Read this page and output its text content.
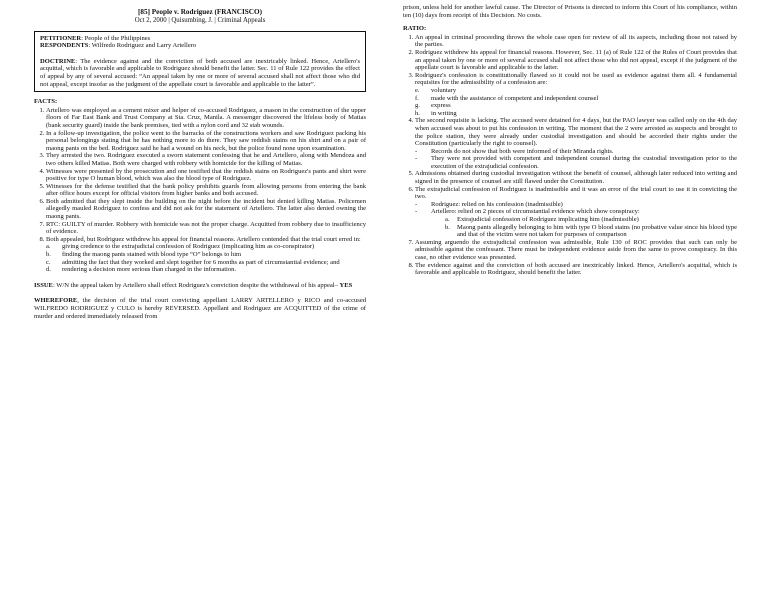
[85] People v. Rodriguez (FRANCISCO)
Oct 2, 2000 | Quisumbing, J. | Criminal Appeals

PETITIONER: People of the Philippines

RESPONDENTS: Wilfredo Rodriguez and Larry Artellero

DOCTRINE: The evidence against and the conviction of both accused are inextricably linked. Hence, Artellero's acquittal, which is favorable and applicable to Rodriguez should benefit the latter. Sec. 11 of Rule 122 provides the effect of appeal by any of several accused: “An appeal taken by one or more of several accused shall not affect those who did not appeal, except insofar as the judgment of the appellate court is favorable and applicable to the latter”.

FACTS:
1. Artellero was employed as a cement mixer and helper of co-accused Rodriguez, a mason in the construction of the upper floors of Far East Bank and Trust Company at Sta. Cruz, Manila. A messenger discovered the lifeless body of Matias (bank security guard) inside the bank premises, tied with a nylon cord and 32 stab wounds.
2. In a follow-up investigation, the police went to the barracks of the constructions workers and saw Rodriguez packing his personal belongings stating that he has nothing more to do there. They saw reddish stains on his shirt and on a pair of maong pants on the bed. Rodriguez said he had a wound on his neck, but the police found none upon examination.
3. They arrested the two. Rodriguez executed a sworn statement confessing that he and Artellero, along with Mendoza and two others killed Matias. Both were charged with robbery with homicide for the killing of Matias.
4. Witnesses were presented by the prosecution and one testified that the reddish stains on Rodriguez's pants and shirt were positive for type O human blood, which was also the blood type of Rodriguez.
5. Witnesses for the defense testified that the bank policy prohibits guards from allowing persons from entering the bank after office hours except for official visitors from higher banks and both accused.
6. Both admitted that they slept inside the building on the night before the incident but denied killing Matias. Policemen allegedly mauled Rodriguez to confess and did not ask for the statement of Artellero. The latter also denied owning the maong pants.
7. RTC: GUILTY of murder. Robbery with homicide was not the proper charge. Acquitted from robbery due to insufficiency of evidence.
8. Both appealed, but Rodriguez withdrew his appeal for financial reasons. Artellero contended that the trial court erred in:
a. giving credence to the extrajudicial confession of Rodriguez (implicating him as co-conspirator)
b. finding the maong pants stained with blood type “O” belongs to him
c. admitting the fact that they worked and slept together for 6 months as part of circumstantial evidence; and
d. rendering a decision more serious than charged in the information.

ISSUE: W/N the appeal taken by Artellero shall effect Rodriguez's conviction despite the withdrawal of his appeal– YES

WHEREFORE, the decision of the trial court convicting appellant LARRY ARTELLERO y RICO and co-accused WILFREDO RODRIGUEZ y CULO is hereby REVERSED. Appellant and Rodriguez are ACQUITTED of the crime of murder and ordered immediately released from

prison, unless held for another lawful cause. The Director of Prisons is directed to inform this Court of his compliance, within ten (10) days from receipt of this Decision. No costs.

RATIO:
1. An appeal in criminal proceeding throws the whole case open for review of all its aspects, including those not raised by the parties.
2. Rodriguez withdrew his appeal for financial reasons. However, Sec. 11 (a) of Rule 122 of the Rules of Court provides that an appeal taken by one or more of several accused shall not affect those who did not appeal, except if the judgment of the appellate court is favorable and applicable to the latter.
3. Rodriguez's confession is constitutionally flawed so it could not be used as evidence against them all. 4 fundamental requisites for the admissibility of a confession are:
e. voluntary
f. made with the assistance of competent and independent counsel
g. express
h. in writing
4. The second requisite is lacking. The accused were detained for 4 days, but the PAO lawyer was called only on the 4th day when accused was about to put his confession in writing. The moment that the 2 were arrested as suspects and brought to the police station, they were already under custodial investigation and should be accorded their rights under the Constitution (particularly the right to counsel).
- Records do not show that both were informed of their Miranda rights.
- They were not provided with competent and independent counsel during the custodial investigation prior to the execution of the extrajudicial confession.
5. Admissions obtained during custodial investigation without the benefit of counsel, although later reduced into writing and signed in the presence of counsel are still flawed under the Constitution.
6. The extrajudicial confession of Rodriguez is inadmissible and it was an error of the trial court to use it in convicting the two.
- Rodriguez: relied on his confession (inadmissible)
- Artellero: relied on 2 pieces of circumstantial evidence which show conspiracy:
a. Extrajudicial confession of Rodriguez implicating him (inadmissible)
b. Maong pants allegedly belonging to him with type O blood stains (no probative value since his blood type and that of the victim were not taken for purposes of comparison
7. Assuming arguendo the extrajudicial confession was admissible, Rule 130 of ROC provides that such can only be admissible against the confessant. There must be independent evidence aside from the same to prove conspiracy. In this case, no other evidence was presented.
8. The evidence against and the conviction of both accused are inextricably linked. Hence, Artellero's acquittal, which is favorable and applicable to Rodriguez, should benefit the latter.
